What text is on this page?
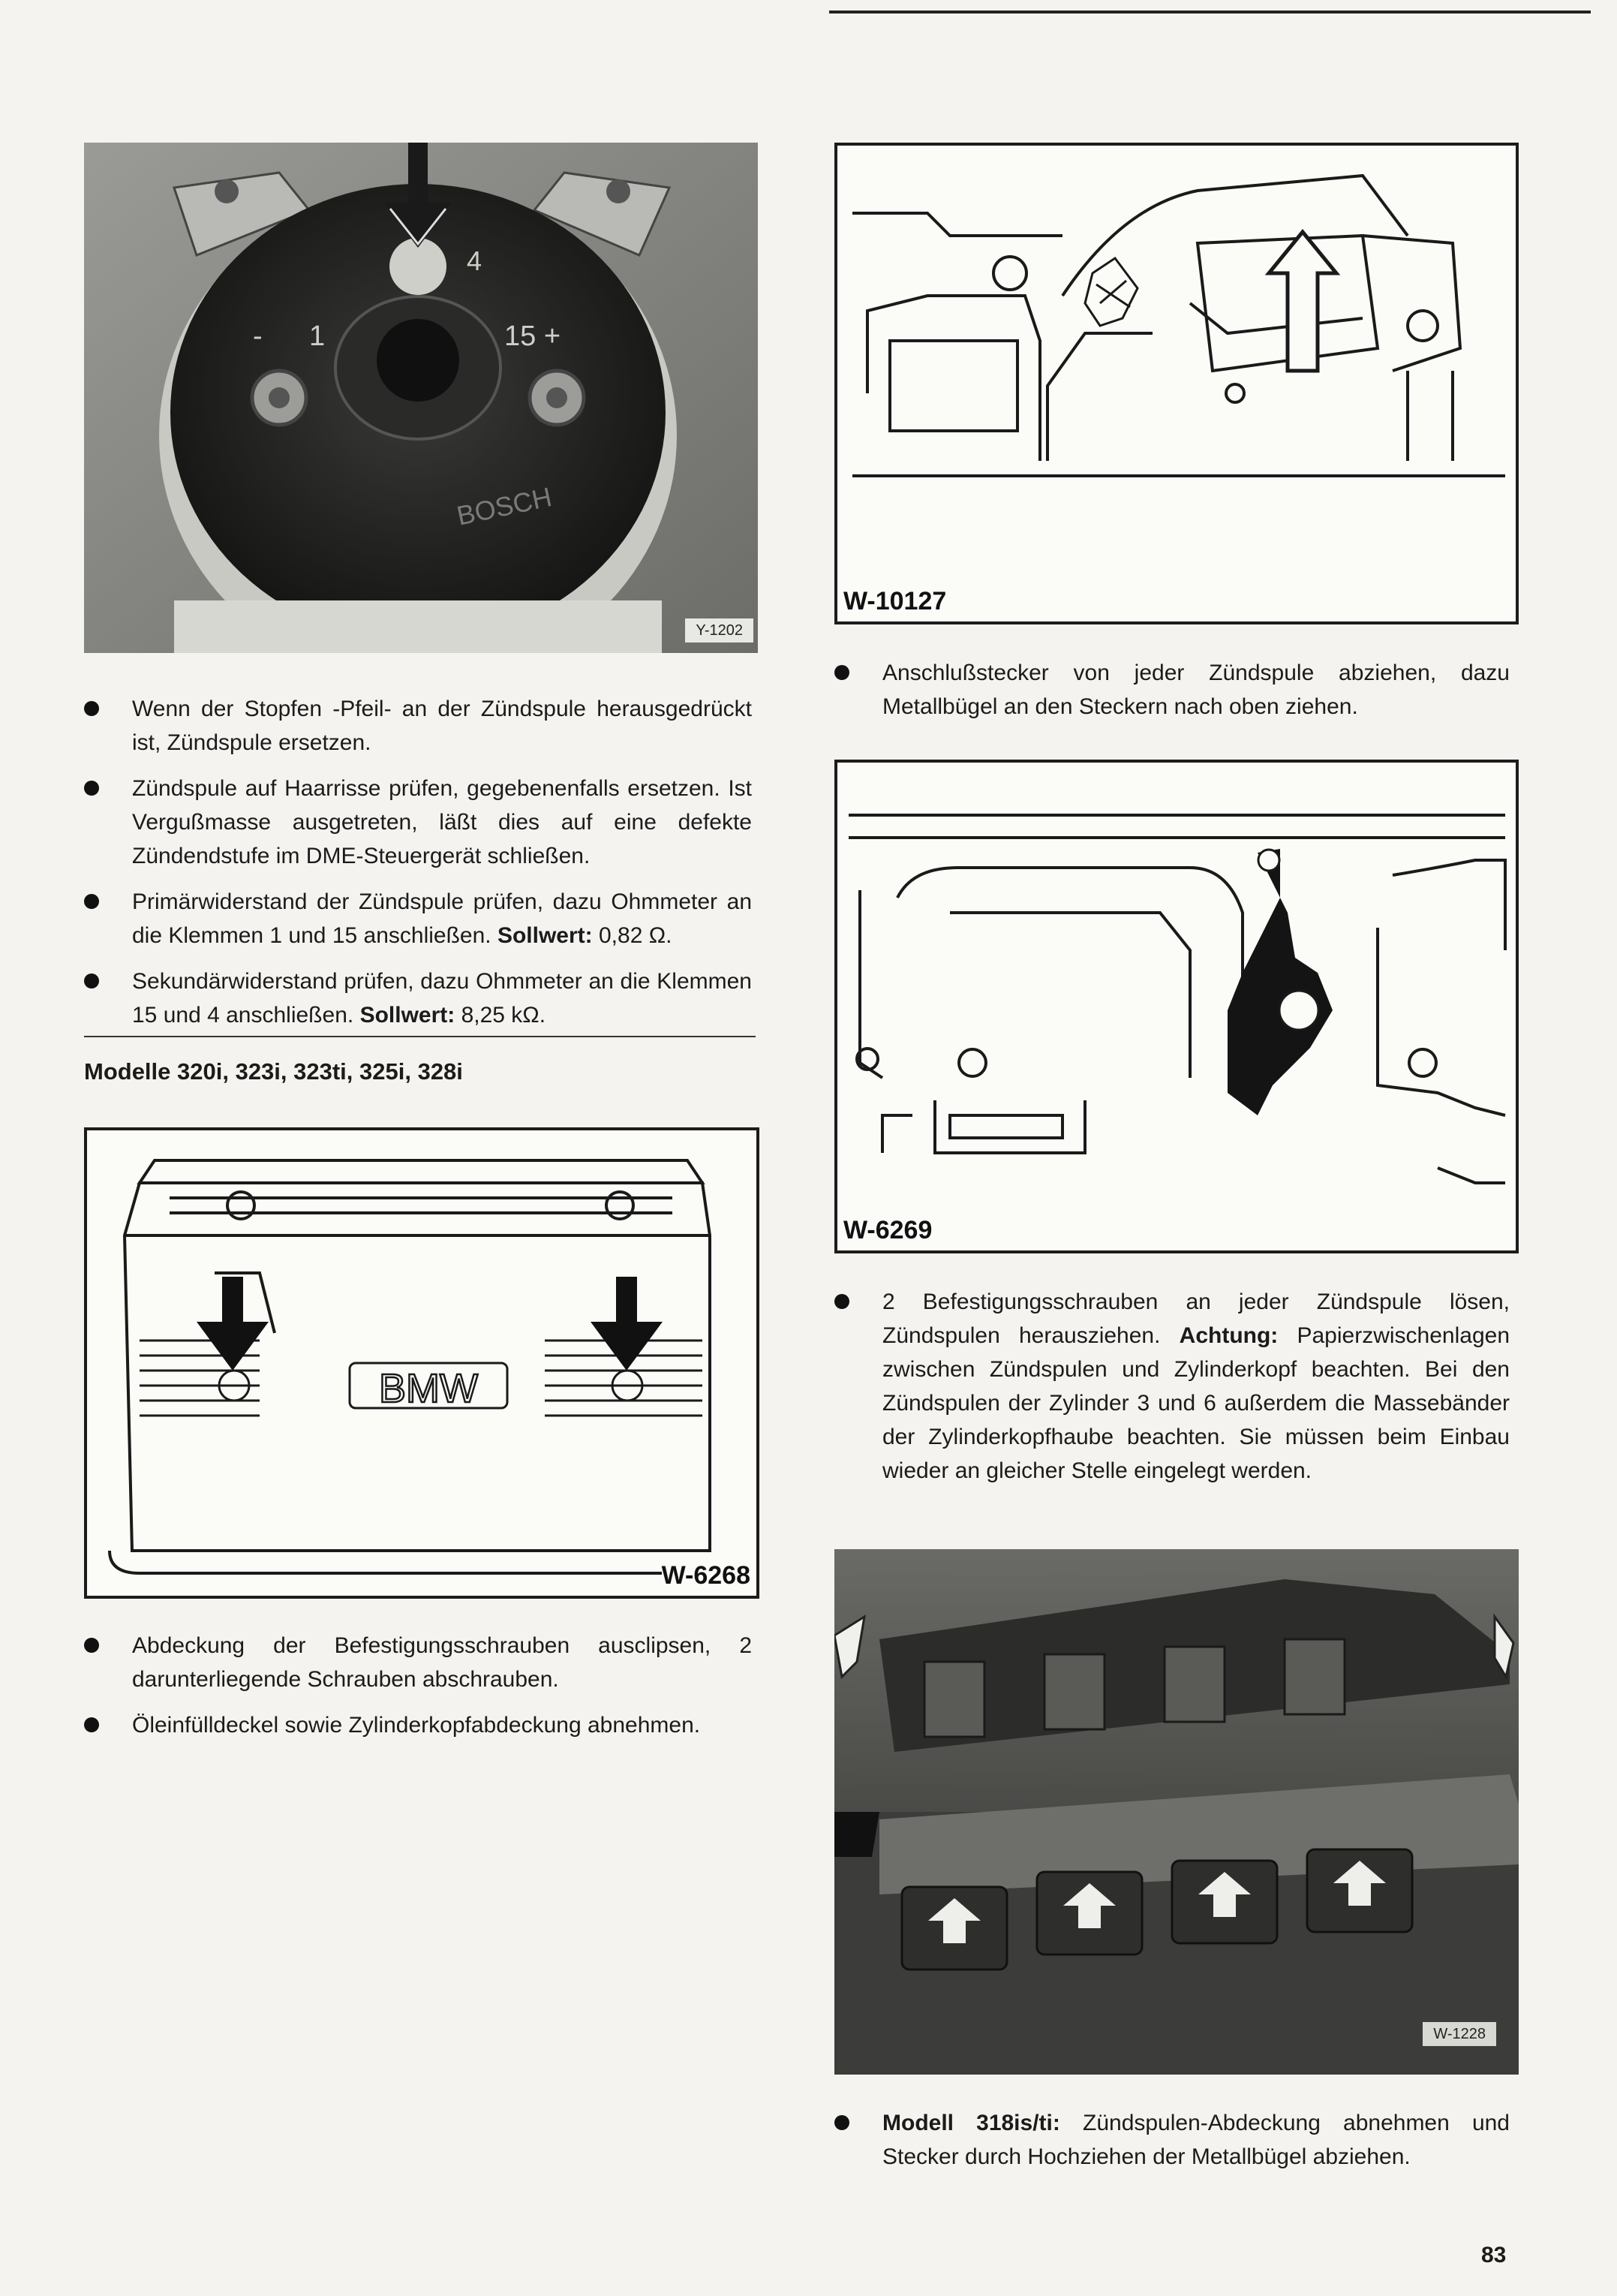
4
1	15 +
-
BOSCH
Y-1202
Wenn der Stopfen -Pfeil- an der Zündspule herausgedrückt ist, Zündspule ersetzen.
Zündspule auf Haarrisse prüfen, gegebenenfalls ersetzen. Ist Vergußmasse ausgetreten, läßt dies auf eine defekte Zündendstufe im DME-Steuergerät schließen.
Primärwiderstand der Zündspule prüfen, dazu Ohmmeter an die Klemmen 1 und 15 anschließen. Sollwert: 0,82 Ω.
Sekundärwiderstand prüfen, dazu Ohmmeter an die Klemmen 15 und 4 anschließen. Sollwert: 8,25 kΩ.
Modelle 320i, 323i, 323ti, 325i, 328i
BMW
W-6268
Abdeckung der Befestigungsschrauben ausclipsen, 2 darunterliegende Schrauben abschrauben.
Öleinfülldeckel sowie Zylinderkopfabdeckung abnehmen.
W-10127
Anschlußstecker von jeder Zündspule abziehen, dazu Metallbügel an den Steckern nach oben ziehen.
W-6269
2 Befestigungsschrauben an jeder Zündspule lösen, Zündspulen herausziehen. Achtung: Papierzwischenlagen zwischen Zündspulen und Zylinderkopf beachten. Bei den Zündspulen der Zylinder 3 und 6 außerdem die Massebänder der Zylinderkopfhaube beachten. Sie müssen beim Einbau wieder an gleicher Stelle eingelegt werden.
W-1228
Modell 318is/ti: Zündspulen-Abdeckung abnehmen und Stecker durch Hochziehen der Metallbügel abziehen.
83
